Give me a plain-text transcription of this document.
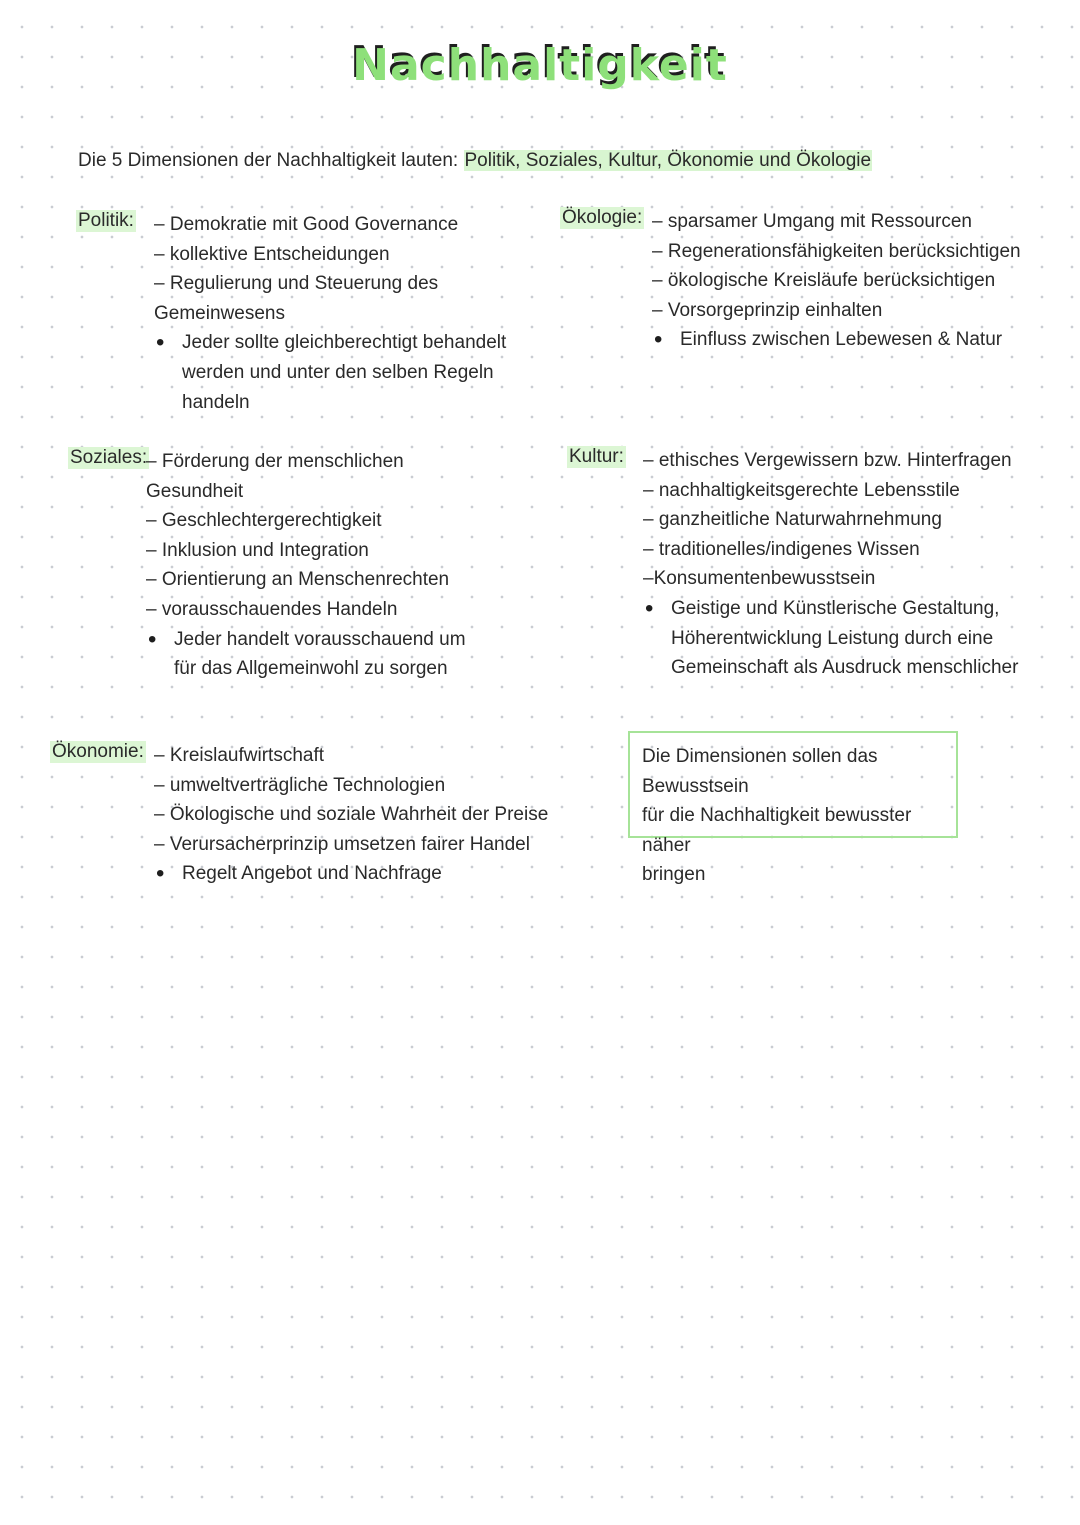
Nachhaltigkeit

Die 5 Dimensionen der Nachhaltigkeit lauten: Politik, Soziales, Kultur, Ökonomie und Ökologie

Politik: – Demokratie mit Good Governance
– kollektive Entscheidungen
– Regulierung und Steuerung des
Gemeinwesens
• Jeder sollte gleichberechtigt behandelt
werden und unter den selben Regeln
handeln
Ökologie: – sparsamer Umgang mit Ressourcen
– Regenerationsfähigkeiten berücksichtigen
– ökologische Kreisläufe berücksichtigen
– Vorsorgeprinzip einhalten
• Einfluss zwischen Lebewesen & Natur
Soziales:
– Förderung der menschlichen
Gesundheit
– Geschlechtergerechtigkeit
– Inklusion und Integration
– Orientierung an Menschenrechten
– vorausschauendes Handeln
• Jeder handelt vorausschauend um
für das Allgemeinwohl zu sorgen
Kultur: – ethisches Vergewissern bzw. Hinterfragen
– nachhaltigkeitsgerechte Lebensstile
– ganzheitliche Naturwahrnehmung
– traditionelles/indigenes Wissen
–Konsumentenbewusstsein
• Geistige und Künstlerische Gestaltung,
Höherentwicklung Leistung durch eine
Gemeinschaft als Ausdruck menschlicher
Ökonomie: – Kreislaufwirtschaft
– umweltverträgliche Technologien
– Ökologische und soziale Wahrheit der Preise
– Verursacherprinzip umsetzen fairer Handel
• Regelt Angebot und Nachfrage

Die Dimensionen sollen das Bewusstsein
für die Nachhaltigkeit bewusster näher
bringen
